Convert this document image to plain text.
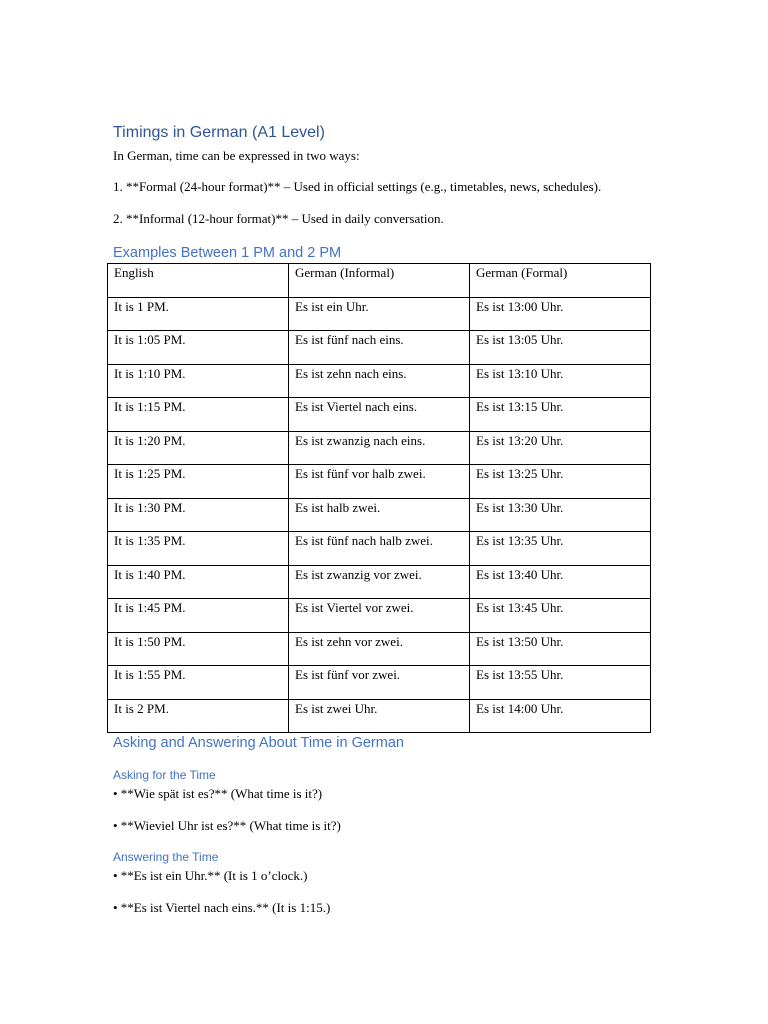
Timings in German (A1 Level)
In German, time can be expressed in two ways:
1. **Formal (24-hour format)** – Used in official settings (e.g., timetables, news, schedules).
2. **Informal (12-hour format)** – Used in daily conversation.
Examples Between 1 PM and 2 PM
English	German (Informal)	German (Formal)
It is 1 PM.	Es ist ein Uhr.	Es ist 13:00 Uhr.
It is 1:05 PM.	Es ist fünf nach eins.	Es ist 13:05 Uhr.
It is 1:10 PM.	Es ist zehn nach eins.	Es ist 13:10 Uhr.
It is 1:15 PM.	Es ist Viertel nach eins.	Es ist 13:15 Uhr.
It is 1:20 PM.	Es ist zwanzig nach eins.	Es ist 13:20 Uhr.
It is 1:25 PM.	Es ist fünf vor halb zwei.	Es ist 13:25 Uhr.
It is 1:30 PM.	Es ist halb zwei.	Es ist 13:30 Uhr.
It is 1:35 PM.	Es ist fünf nach halb zwei.	Es ist 13:35 Uhr.
It is 1:40 PM.	Es ist zwanzig vor zwei.	Es ist 13:40 Uhr.
It is 1:45 PM.	Es ist Viertel vor zwei.	Es ist 13:45 Uhr.
It is 1:50 PM.	Es ist zehn vor zwei.	Es ist 13:50 Uhr.
It is 1:55 PM.	Es ist fünf vor zwei.	Es ist 13:55 Uhr.
It is 2 PM.	Es ist zwei Uhr.	Es ist 14:00 Uhr.
Asking and Answering About Time in German
Asking for the Time
• **Wie spät ist es?** (What time is it?)
• **Wieviel Uhr ist es?** (What time is it?)
Answering the Time
• **Es ist ein Uhr.** (It is 1 o’clock.)
• **Es ist Viertel nach eins.** (It is 1:15.)
